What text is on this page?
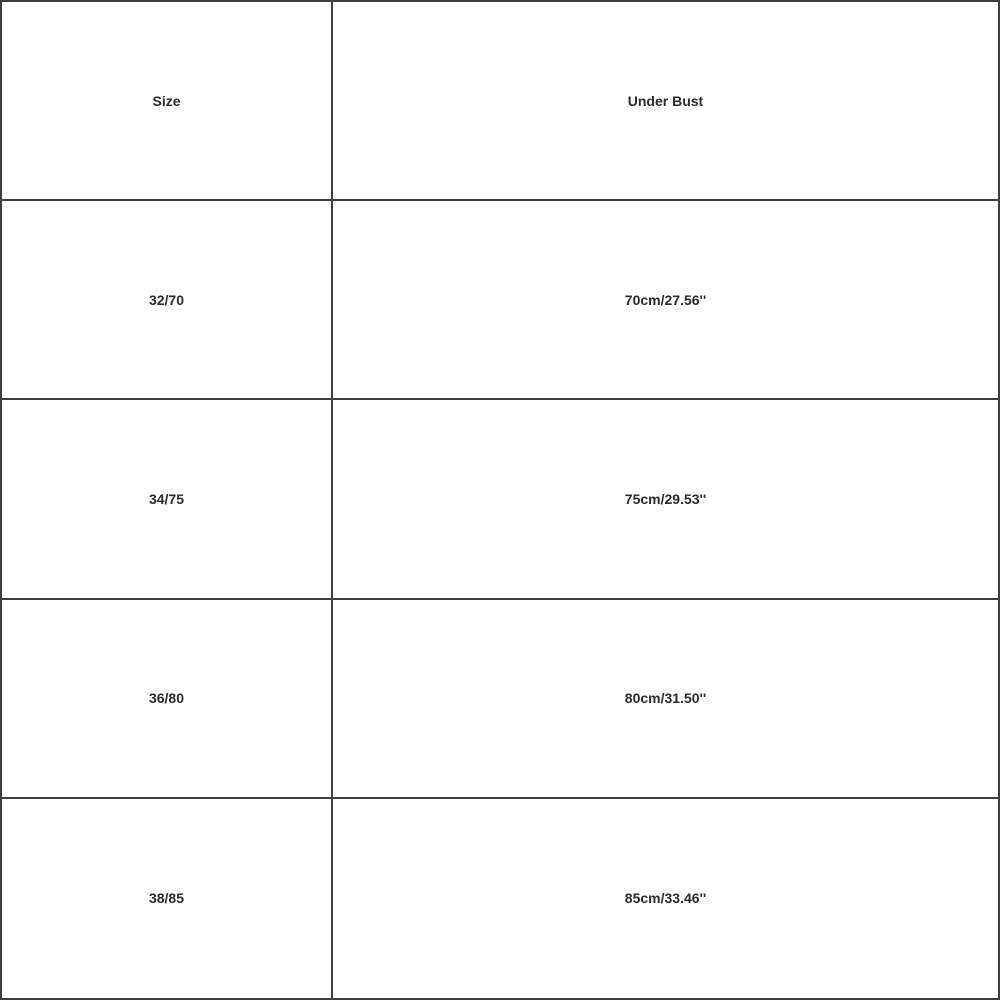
Size	Under Bust
32/70	70cm/27.56''
34/75	75cm/29.53''
36/80	80cm/31.50''
38/85	85cm/33.46''
